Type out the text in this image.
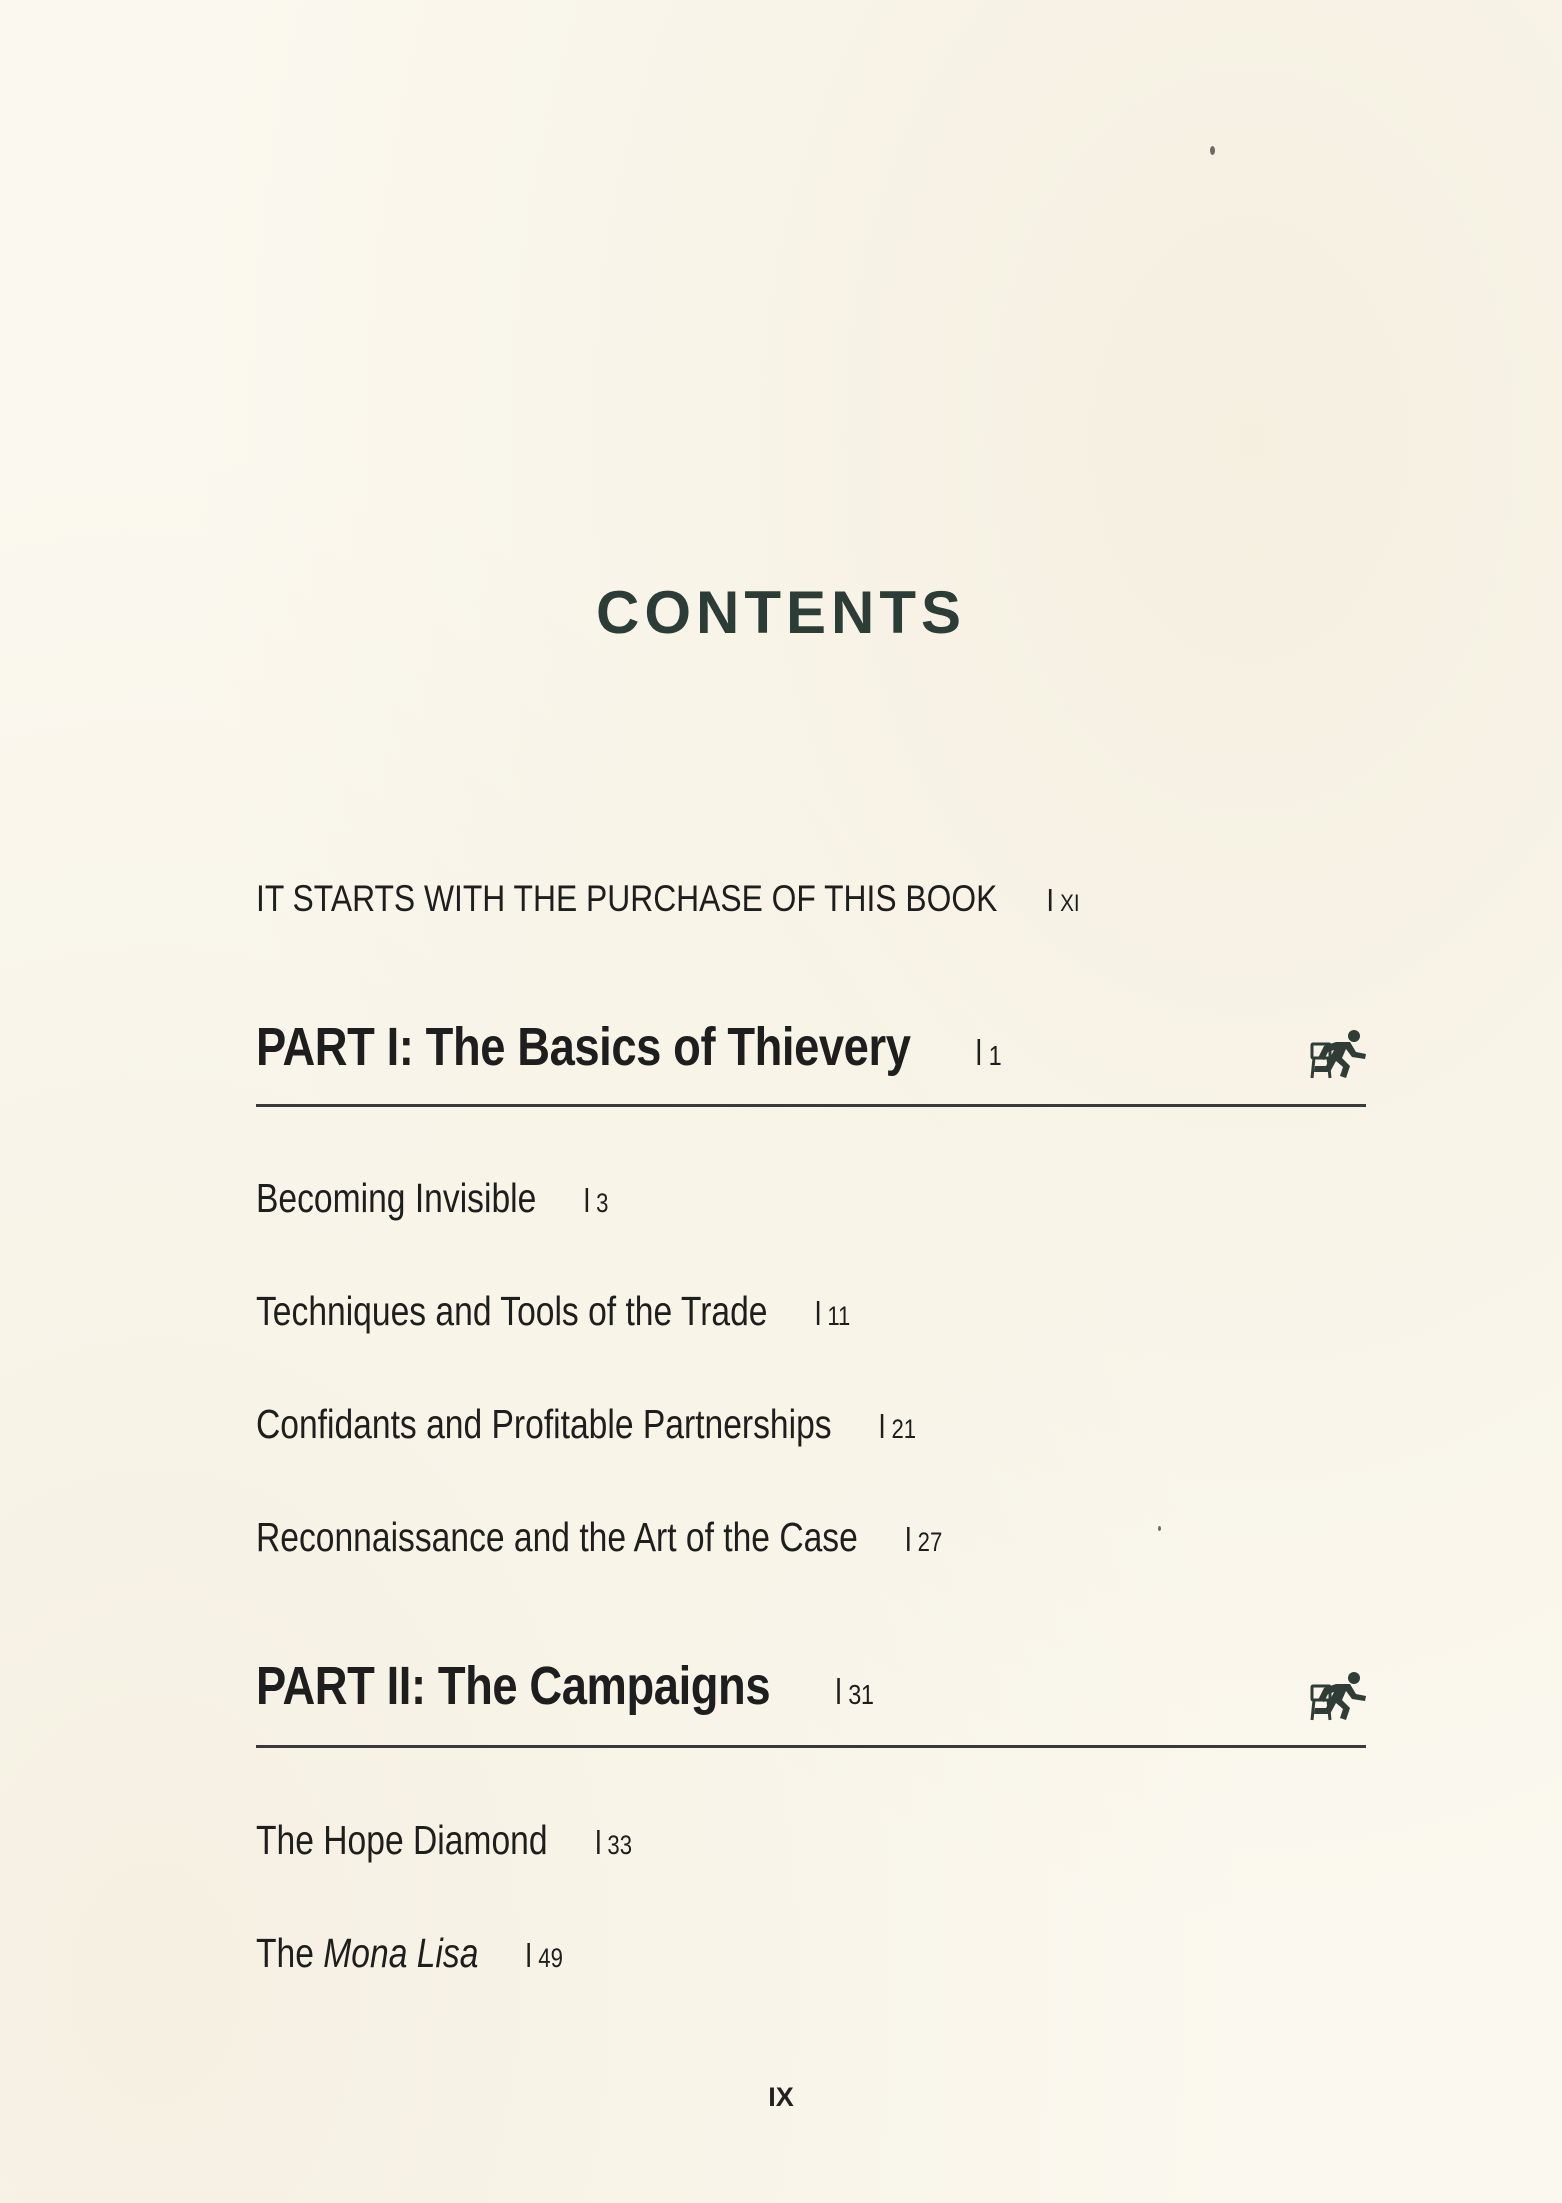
CONTENTS
IT STARTS WITH THE PURCHASE OF THIS BOOK	XI
PART I: The Basics of Thievery	1
Becoming Invisible 3
Techniques and Tools of the Trade 11
Confidants and Profitable Partnerships 21
Reconnaissance and the Art of the Case 27
PART II: The Campaigns	31
The Hope Diamond 33
The Mona Lisa 49
IX
